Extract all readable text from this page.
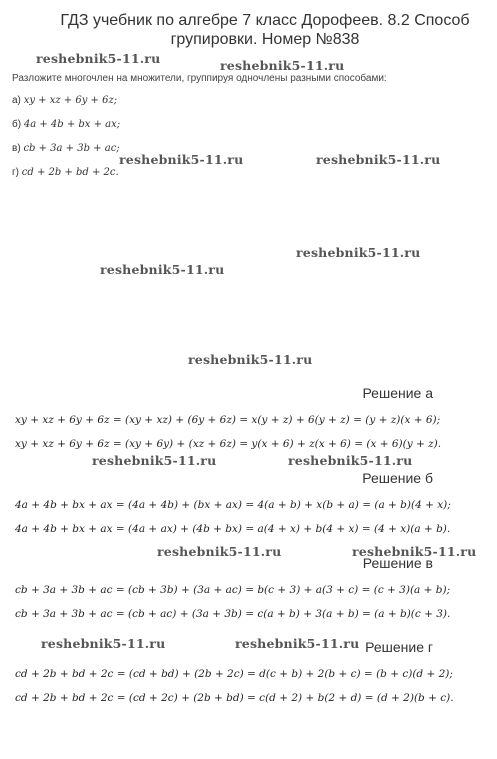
ГДЗ учебник по алгебре 7 класс Дорофеев. 8.2 Способ групировки. Номер №838
reshebnik5-11.ru	reshebnik5-11.ru
reshebnik5-11.ru	reshebnik5-11.ru
reshebnik5-11.ru
reshebnik5-11.ru
reshebnik5-11.ru
reshebnik5-11.ru	reshebnik5-11.ru
reshebnik5-11.ru	reshebnik5-11.ru
reshebnik5-11.ru	reshebnik5-11.ru
Разложите многочлен на множители, группируя одночлены разными способами:
а) xy + xz + 6y + 6z;
б) 4a + 4b + bx + ax;
в) cb + 3a + 3b + ac;
г) cd + 2b + bd + 2c.
Решение а
xy + xz + 6y + 6z = (xy + xz) + (6y + 6z) = x(y + z) + 6(y + z) = (y + z)(x + 6);
xy + xz + 6y + 6z = (xy + 6y) + (xz + 6z) = y(x + 6) + z(x + 6) = (x + 6)(y + z).
Решение б
4a + 4b + bx + ax = (4a + 4b) + (bx + ax) = 4(a + b) + x(b + a) = (a + b)(4 + x);
4a + 4b + bx + ax = (4a + ax) + (4b + bx) = a(4 + x) + b(4 + x) = (4 + x)(a + b).
Решение в
cb + 3a + 3b + ac = (cb + 3b) + (3a + ac) = b(c + 3) + a(3 + c) = (c + 3)(a + b);
cb + 3a + 3b + ac = (cb + ac) + (3a + 3b) = c(a + b) + 3(a + b) = (a + b)(c + 3).
Решение г
cd + 2b + bd + 2c = (cd + bd) + (2b + 2c) = d(c + b) + 2(b + c) = (b + c)(d + 2);
cd + 2b + bd + 2c = (cd + 2c) + (2b + bd) = c(d + 2) + b(2 + d) = (d + 2)(b + c).
